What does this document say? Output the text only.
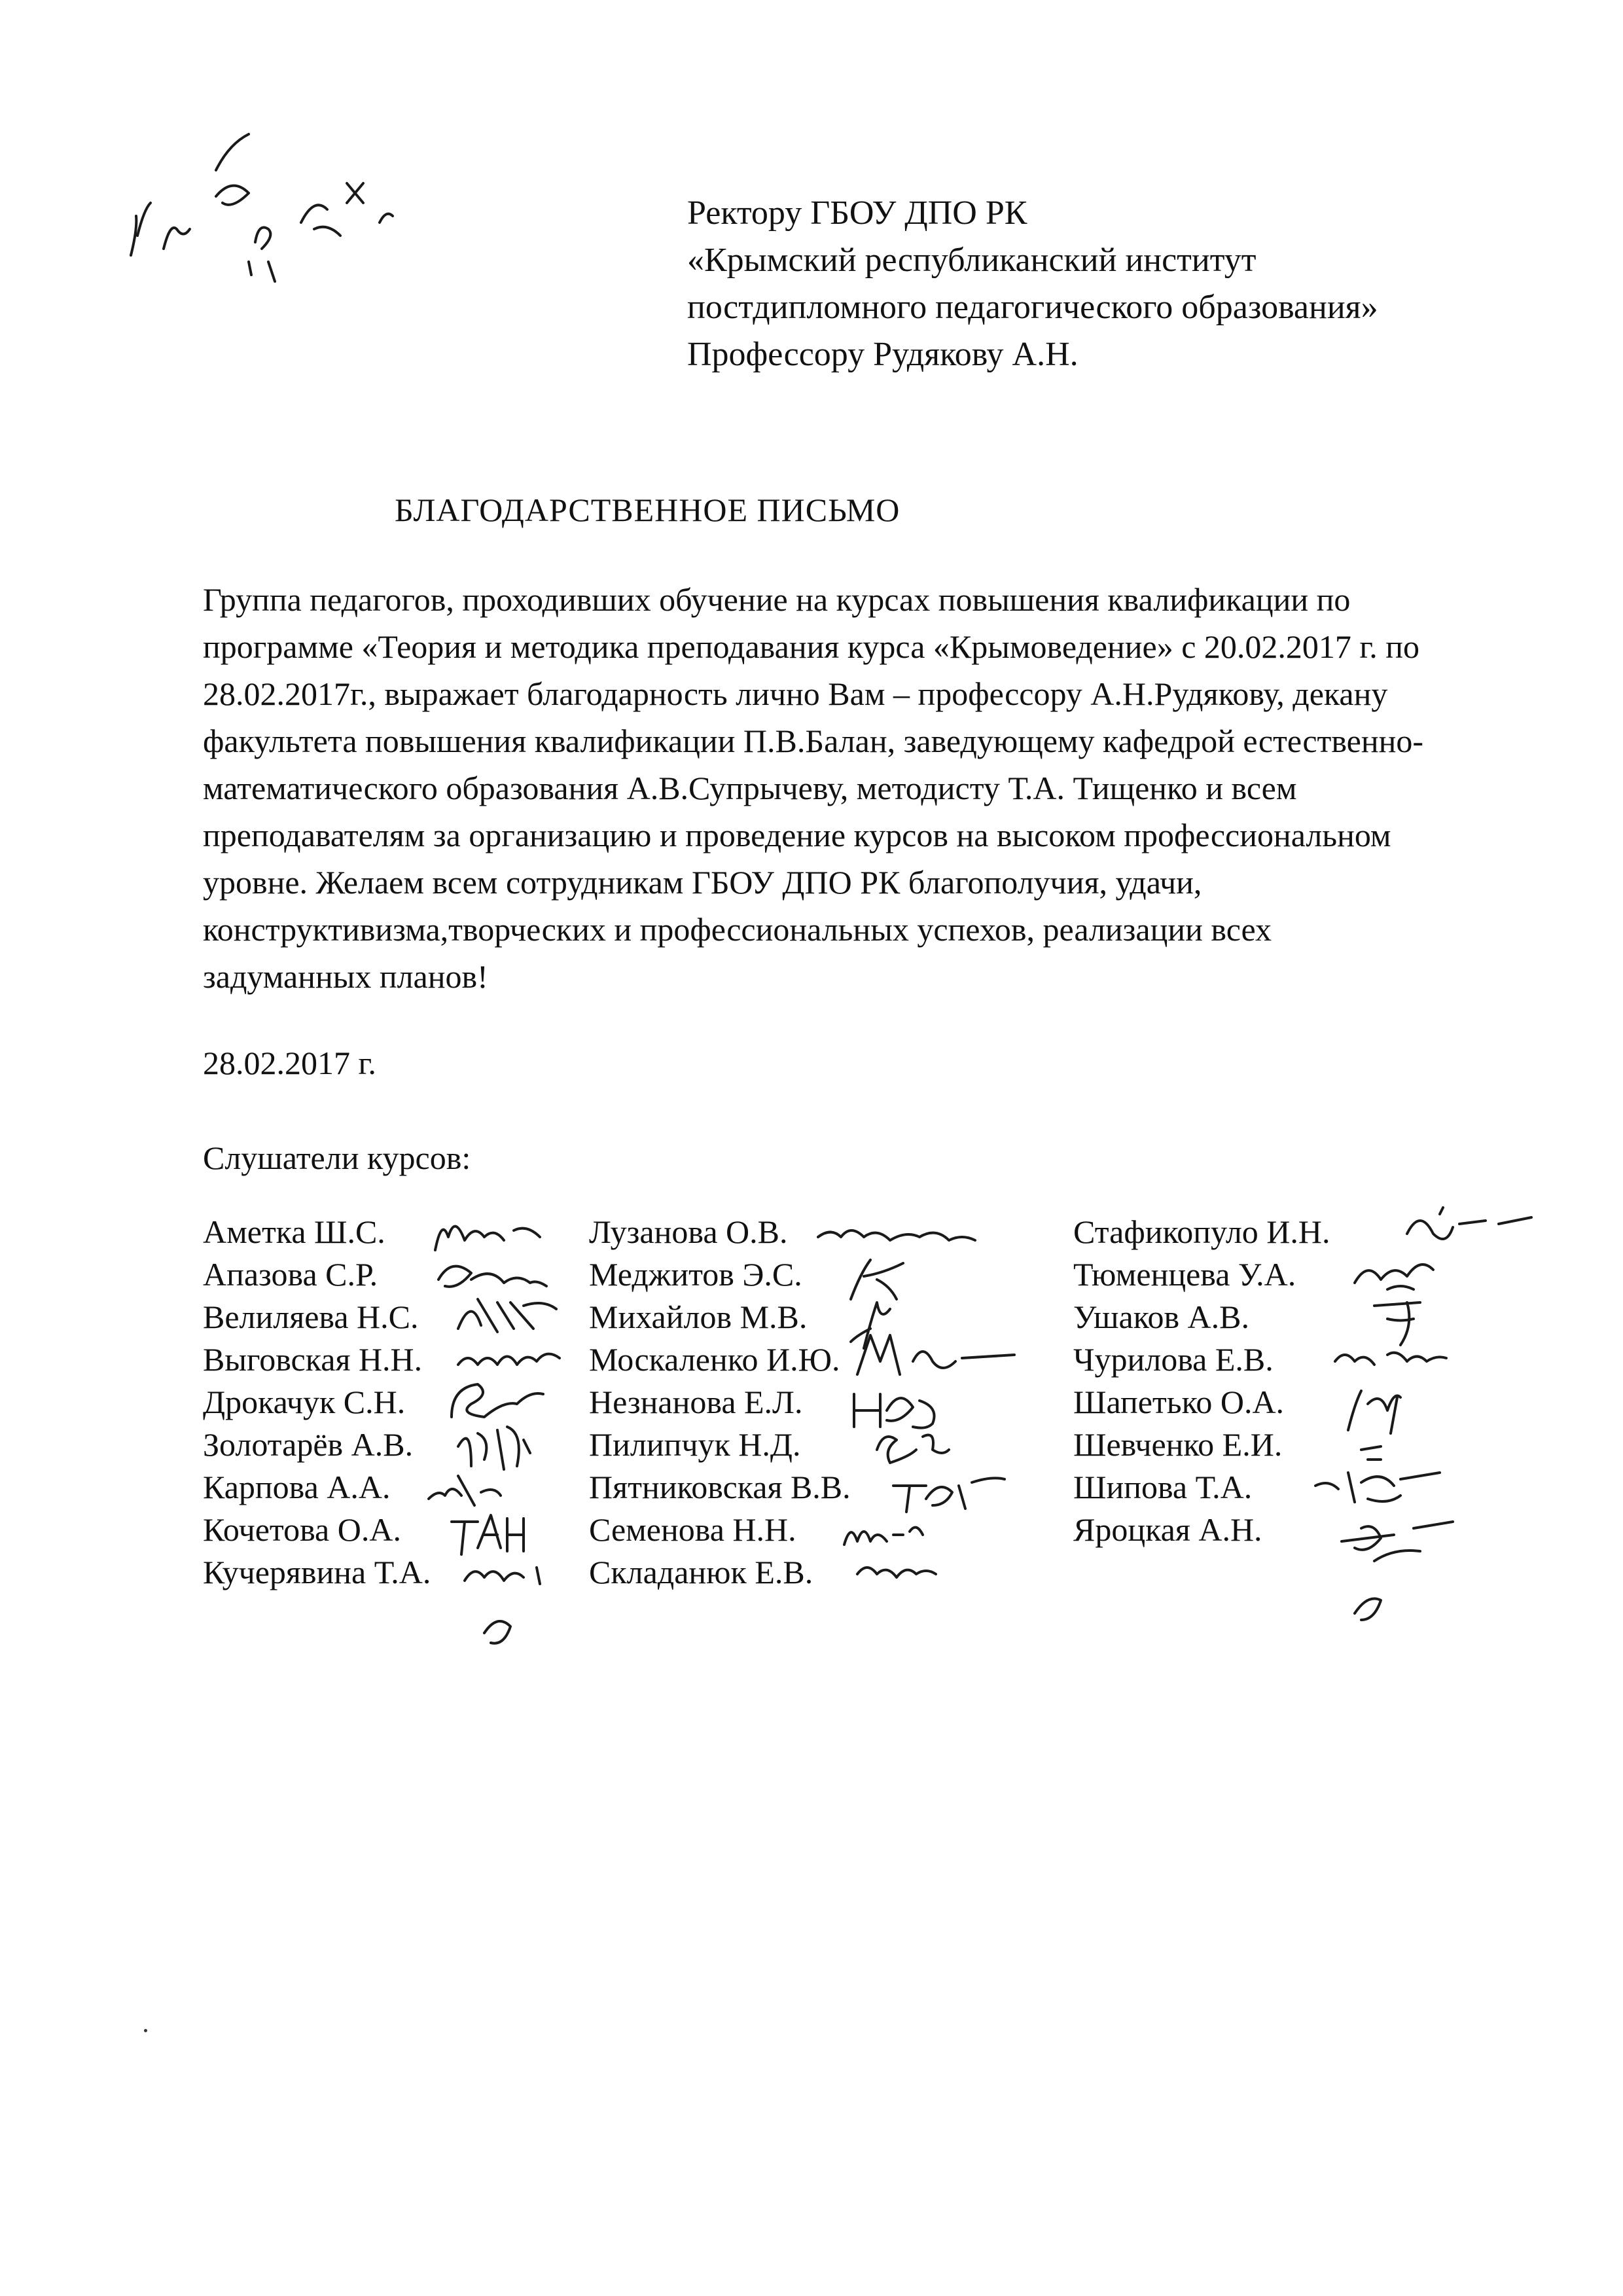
Ректору ГБОУ ДПО РК
«Крымский республиканский институт
постдипломного педагогического образования»
Профессору Рудякову А.Н.
БЛАГОДАРСТВЕННОЕ ПИСЬМО

Группа педагогов, проходивших обучение на курсах повышения квалификации по программе «Теория и методика преподавания курса «Крымоведение» с 20.02.2017 г. по 28.02.2017г., выражает благодарность лично Вам – профессору А.Н.Рудякову, декану факультета повышения квалификации П.В.Балан, заведующему кафедрой естественно-математического образования А.В.Супрычеву, методисту Т.А. Тищенко и всем преподавателям за организацию и проведение курсов на высоком профессиональном уровне. Желаем всем сотрудникам ГБОУ ДПО РК благополучия, удачи, конструктивизма,творческих и профессиональных успехов, реализации всех задуманных планов!

28.02.2017 г.
Слушатели курсов:
Аметка Ш.С.
Апазова С.Р.
Велиляева Н.С.
Выговская Н.Н.
Дрокачук С.Н.
Золотарёв А.В.
Карпова А.А.
Кочетова О.А.
Кучерявина Т.А.
Лузанова О.В.
Меджитов Э.С.
Михайлов М.В.
Москаленко И.Ю.
Незнанова Е.Л.
Пилипчук Н.Д.
Пятниковская В.В.
Семенова Н.Н.
Складанюк Е.В.
Стафикопуло И.Н.
Тюменцева У.А.
Ушаков А.В.
Чурилова Е.В.
Шапетько О.А.
Шевченко Е.И.
Шипова Т.А.
Яроцкая А.Н.
